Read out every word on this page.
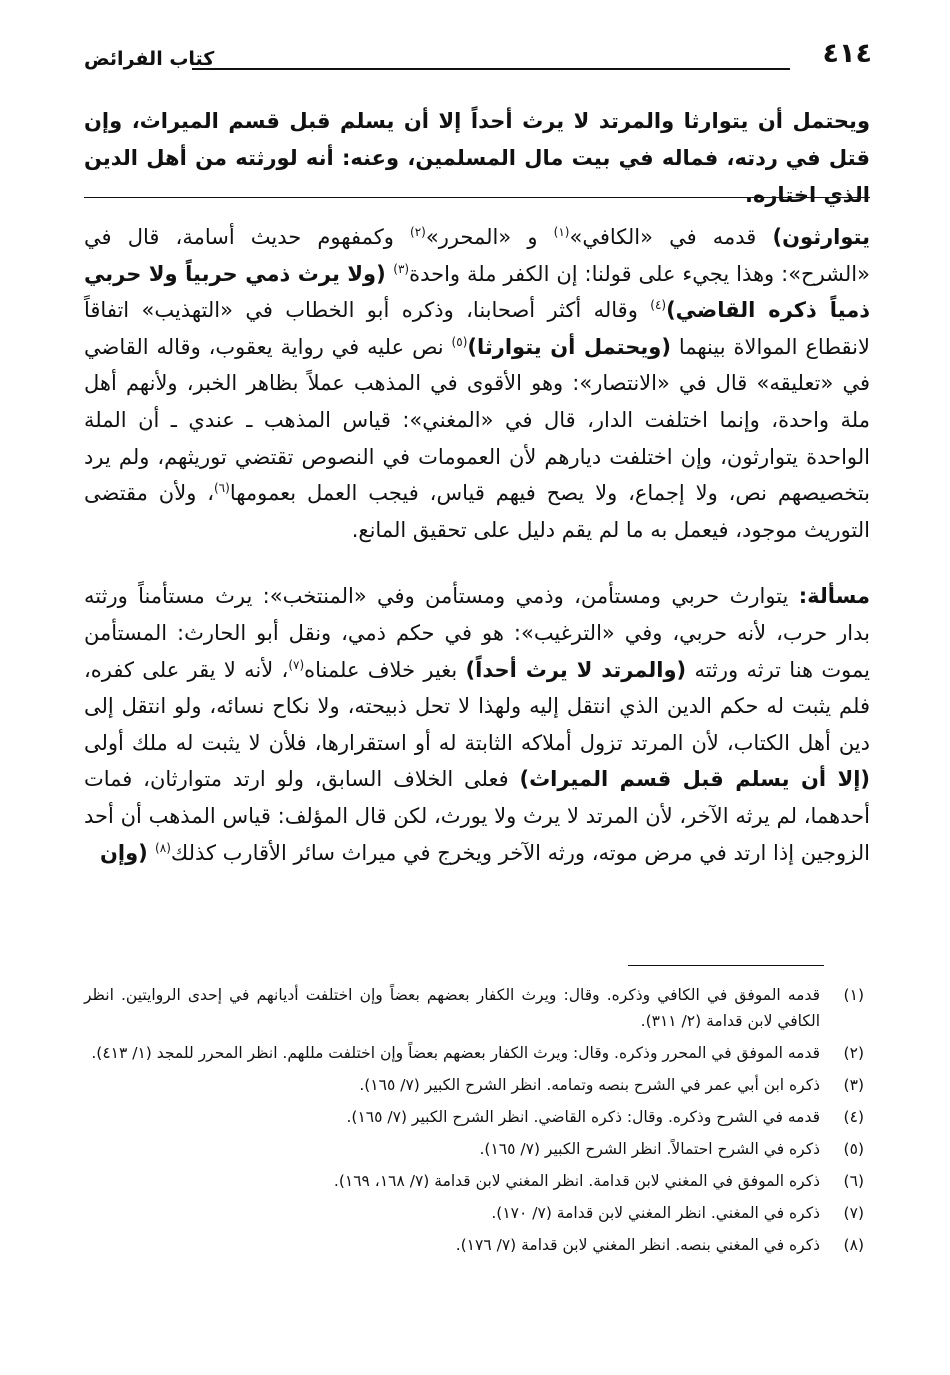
٤١٤
كتاب الفرائض
ويحتمل أن يتوارثا والمرتد لا يرث أحداً إلا أن يسلم قبل قسم الميراث، وإن قتل في ردته، فماله في بيت مال المسلمين، وعنه: أنه لورثته من أهل الدين الذي اختاره.

يتوارثون) قدمه في «الكافي»$^{(١)}$ و «المحرر»$^{(٢)}$ وكمفهوم حديث أسامة، قال في «الشرح»: وهذا يجيء على قولنا: إن الكفر ملة واحدة$^{(٣)}$ (ولا يرث ذمي حربياً ولا حربي ذمياً ذكره القاضي)$^{(٤)}$ وقاله أكثر أصحابنا، وذكره أبو الخطاب في «التهذيب» اتفاقاً لانقطاع الموالاة بينهما (ويحتمل أن يتوارثا)$^{(٥)}$ نص عليه في رواية يعقوب، وقاله القاضي في «تعليقه» قال في «الانتصار»: وهو الأقوى في المذهب عملاً بظاهر الخبر، ولأنهم أهل ملة واحدة، وإنما اختلفت الدار، قال في «المغني»: قياس المذهب ـ عندي ـ أن الملة الواحدة يتوارثون، وإن اختلفت ديارهم لأن العمومات في النصوص تقتضي توريثهم، ولم يرد بتخصيصهم نص، ولا إجماع، ولا يصح فيهم قياس، فيجب العمل بعمومها$^{(٦)}$، ولأن مقتضى التوريث موجود، فيعمل به ما لم يقم دليل على تحقيق المانع.

مسألة: يتوارث حربي ومستأمن، وذمي ومستأمن وفي «المنتخب»: يرث مستأمناً ورثته بدار حرب، لأنه حربي، وفي «الترغيب»: هو في حكم ذمي، ونقل أبو الحارث: المستأمن يموت هنا ترثه ورثته (والمرتد لا يرث أحداً) بغير خلاف علمناه$^{(٧)}$، لأنه لا يقر على كفره، فلم يثبت له حكم الدين الذي انتقل إليه ولهذا لا تحل ذبيحته، ولا نكاح نسائه، ولو انتقل إلى دين أهل الكتاب، لأن المرتد تزول أملاكه الثابتة له أو استقرارها، فلأن لا يثبت له ملك أولى (إلا أن يسلم قبل قسم الميراث) فعلى الخلاف السابق، ولو ارتد متوارثان، فمات أحدهما، لم يرثه الآخر، لأن المرتد لا يرث ولا يورث، لكن قال المؤلف: قياس المذهب أن أحد الزوجين إذا ارتد في مرض موته، ورثه الآخر ويخرج في ميراث سائر الأقارب كذلك$^{(٨)}$ (وإن

(١)
قدمه الموفق في الكافي وذكره. وقال: ويرث الكفار بعضهم بعضاً وإن اختلفت أديانهم في إحدى الروايتين. انظر الكافي لابن قدامة (٢/ ٣١١).
(٢)
قدمه الموفق في المحرر وذكره. وقال: ويرث الكفار بعضهم بعضاً وإن اختلفت مللهم. انظر المحرر للمجد (١/ ٤١٣).
(٣)
ذكره ابن أبي عمر في الشرح بنصه وتمامه. انظر الشرح الكبير (٧/ ١٦٥).
(٤)
قدمه في الشرح وذكره. وقال: ذكره القاضي. انظر الشرح الكبير (٧/ ١٦٥).
(٥)
ذكره في الشرح احتمالاً. انظر الشرح الكبير (٧/ ١٦٥).
(٦)
ذكره الموفق في المغني لابن قدامة. انظر المغني لابن قدامة (٧/ ١٦٨، ١٦٩).
(٧)
ذكره في المغني. انظر المغني لابن قدامة (٧/ ١٧٠).
(٨)
ذكره في المغني بنصه. انظر المغني لابن قدامة (٧/ ١٧٦).
